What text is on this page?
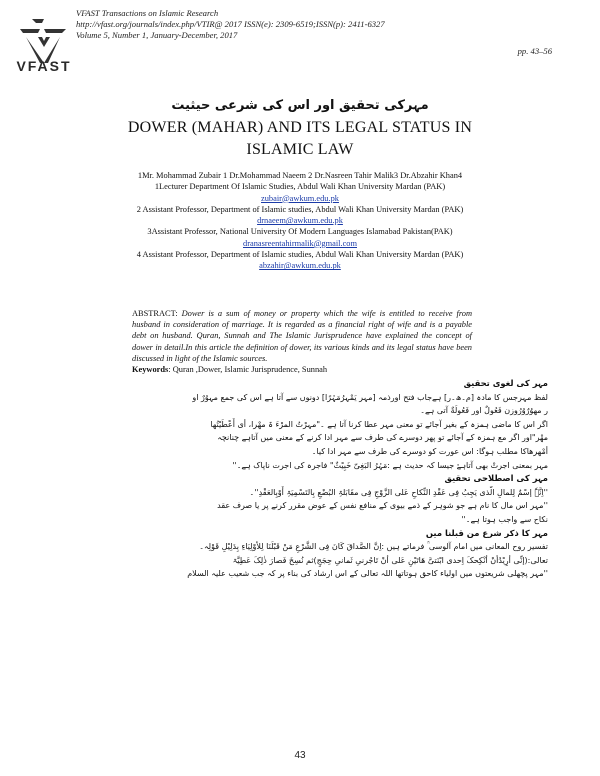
VFAST
VFAST Transactions on Islamic Research
http://vfast.org/journals/index.php/VTIR@ 2017 ISSN(e): 2309-6519;ISSN(p): 2411-6327
Volume 5, Number 1, January-December, 2017
pp. 43–56
مہرکی تحقیق اور اس کی شرعی حیثیت
DOWER (MAHAR) AND ITS LEGAL STATUS IN
ISLAMIC LAW
1Mr. Mohammad Zubair 1 Dr.Mohammad Naeem 2 Dr.Nasreen Tahir Malik3 Dr.Abzahir Khan4
1Lecturer Department Of Islamic Studies, Abdul Wali Khan University Mardan (PAK)
zubair@awkum.edu.pk
2 Assistant Professor, Department of Islamic studies, Abdul Wali Khan University Mardan (PAK)
drnaeem@awkum.edu.pk
3Assistant Professor, National University Of Modern Languages Islamabad Pakistan(PAK)
dranasreentahirmalik@gmail.com
4 Assistant Professor, Department of Islamic studies, Abdul Wali Khan University Mardan (PAK)
abzahir@awkum.edu.pk
ABSTRACT: Dower is a sum of money or property which the wife is entitled to receive from husband in consideration of marriage. It is regarded as a financial right of wife and is a payable debt on husband. Quran, Sunnah and The Islamic Jurisprudence have explained the concept of dower in detail.In this article the definition of dower, its various kinds and its legal status have been discussed in light of the Islamic sources.
Keywords: Quran ,Dower, Islamic Jurisprudence, Sunnah

مہر کی لغوی تحقیق

لفظ مہرجس کا مادہ [م۔ھ۔ر] ہےجاب فتح اورذمہ [مہر یَمْہرُمَہْرًا] دونوں سے آتا ہے اس کی جمع مہوُرٌ او

ر مھوُرٌوُرُوزن فَعُولٌ اور فَعُولَةٌ آتی ہے۔

اگر اس کا ماضی ہمزہ کے بغیر آجائے تو معنی مہر عطا کرنا آتا ہے ۔"مہرْتُ المرْءَ ۃ مھْرا، أی أَعْطَیْتُھا

مھْر"اور اگر مع ہمزہ کے آجائے تو پھر دوسرے کی طرف سے مہر ادا کرنے کے معنی میں آتاہے چنانچہ

أمْھرھاکا مطلب ہوگا: اس عورت کو دوسرے کی طرف سے مہر ادا کیا۔

مہر بمعنی اجرتْ بھی آتاہےْ جیسا کہ حدیث ہے :مَہْرُ البَغِیّ خَبِیْثٌ" فاجرہ کی اجرت ناپاک ہے۔''

مہر کی اصطلاحی تحقیق

''اِنَّہٗ إسْمٌ لِلمالِ الَّذی یَجِبُ فِی عَقْدِ النِّکاحِ عَلی الزَّوْجِ فِی مقَابَلۃِ البُضْعِ بِالتَسْمِیَۃِ أَوْبِالعَقْدِ''۔

''مہر اس مال کا نام ہے جو شوہر کے ذمے بیوی کے منافع نفس کے عوض مقرر کرنے پر یا صرف عقد

نکاح سے واجب ہوتا ہے۔''

مہر کا ذکر شرع من قبلنا میں

تفسیر روح المعانی میں امام آلوسی ؒ فرماتے ہیں :اِنَّ الصَّداقَ کَانَ فِی الشَّرْعِ مَنْ قَبْلَنَا لِلأوْلِیَاءِ بِدَلِیْلِ قَوْلِہ۔

تعالی:(إنِّی أرِیْدُأنْ أنْکِحکَ اِحدی ابْنَتیَّ ھَاتَیْنِ عَلی أنْ تَاجُرنیِ ثَمانیِ حِجَجٍ)ثم نُسِخَ فَصارَ ذٰلِکَ عَطِیَّۃ

''مہر پچھلی شریعتوں میں اولیاء کاحق ہوتاتھا اللہ تعالی کے اس ارشاد کی بناء پر کہ جب شعیب علیہ السلام

43
